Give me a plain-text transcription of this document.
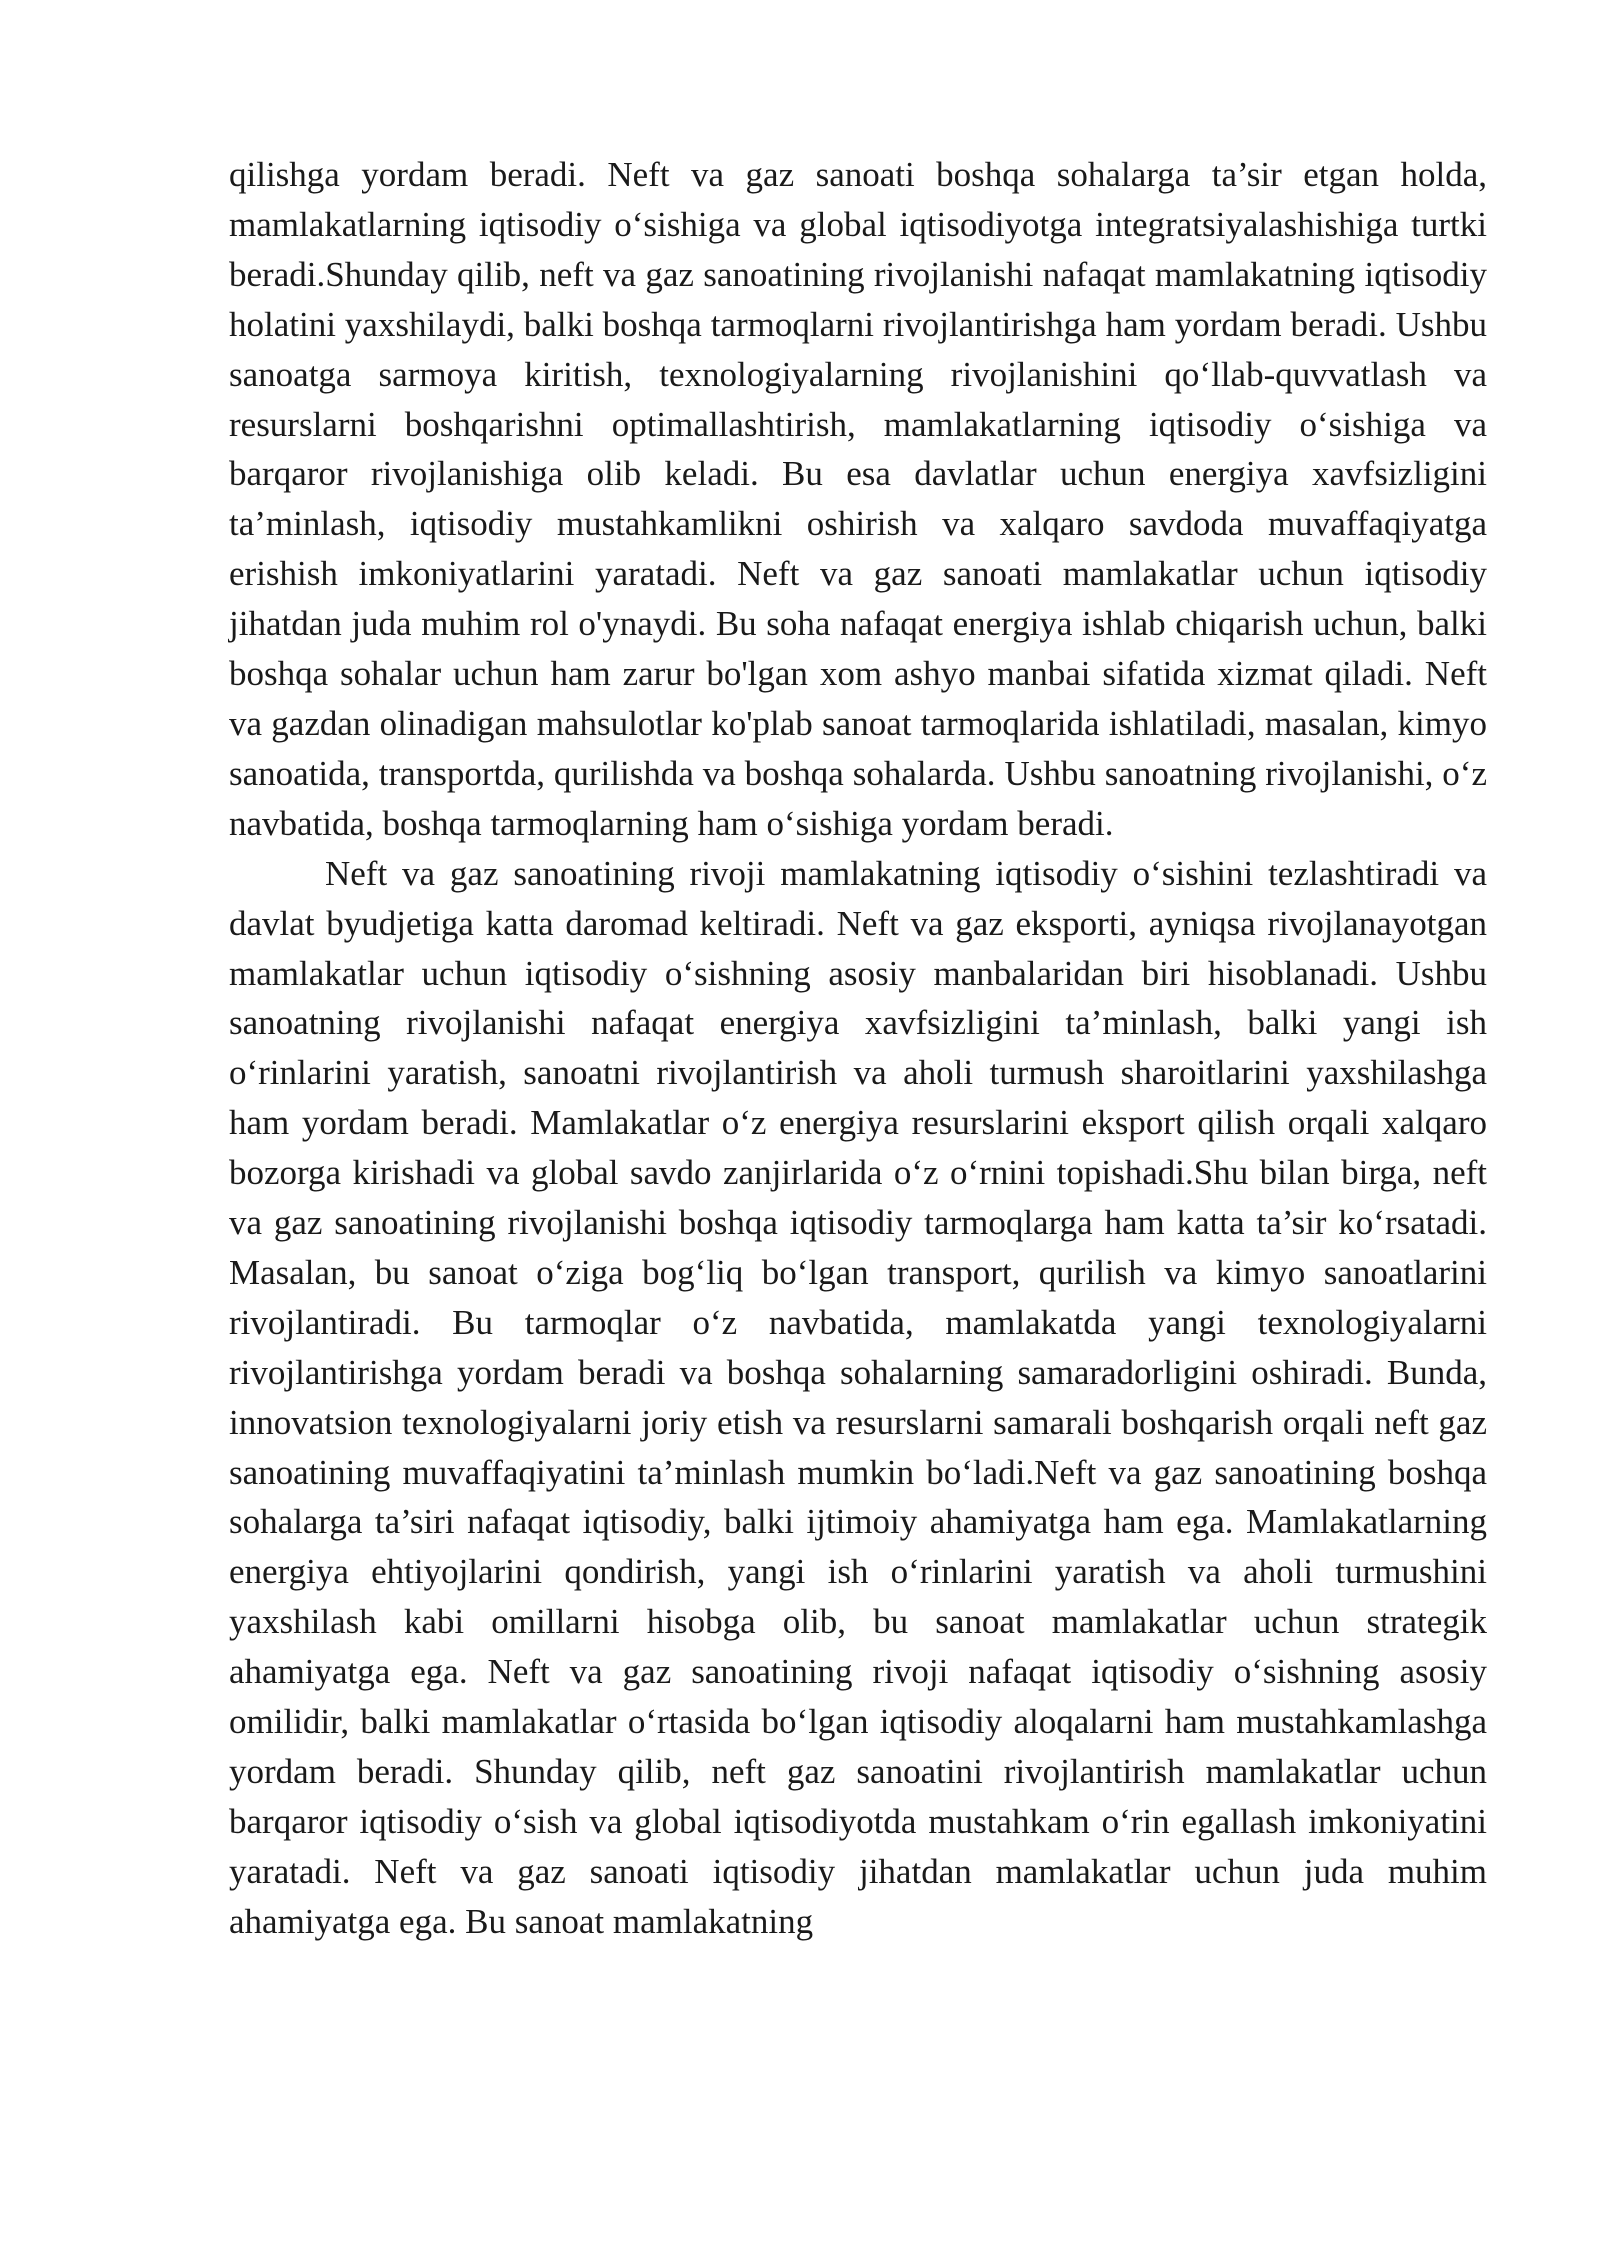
qilishga yordam beradi. Neft va gaz sanoati boshqa sohalarga ta’sir etgan holda, mamlakatlarning iqtisodiy o‘sishiga va global iqtisodiyotga integratsiyalashishiga turtki beradi.Shunday qilib, neft va gaz sanoatining rivojlanishi nafaqat mamlakatning iqtisodiy holatini yaxshilaydi, balki boshqa tarmoqlarni rivojlantirishga ham yordam beradi. Ushbu sanoatga sarmoya kiritish, texnologiyalarning rivojlanishini qo‘llab-quvvatlash va resurslarni boshqarishni optimallashtirish, mamlakatlarning iqtisodiy o‘sishiga va barqaror rivojlanishiga olib keladi. Bu esa davlatlar uchun energiya xavfsizligini ta’minlash, iqtisodiy mustahkamlikni oshirish va xalqaro savdoda muvaffaqiyatga erishish imkoniyatlarini yaratadi. Neft va gaz sanoati mamlakatlar uchun iqtisodiy jihatdan juda muhim rol o'ynaydi. Bu soha nafaqat energiya ishlab chiqarish uchun, balki boshqa sohalar uchun ham zarur bo'lgan xom ashyo manbai sifatida xizmat qiladi. Neft va gazdan olinadigan mahsulotlar ko'plab sanoat tarmoqlarida ishlatiladi, masalan, kimyo sanoatida, transportda, qurilishda va boshqa sohalarda. Ushbu sanoatning rivojlanishi, o‘z navbatida, boshqa tarmoqlarning ham o‘sishiga yordam beradi.

Neft va gaz sanoatining rivoji mamlakatning iqtisodiy o‘sishini tezlashtiradi va davlat byudjetiga katta daromad keltiradi. Neft va gaz eksporti, ayniqsa rivojlanayotgan mamlakatlar uchun iqtisodiy o‘sishning asosiy manbalaridan biri hisoblanadi. Ushbu sanoatning rivojlanishi nafaqat energiya xavfsizligini ta’minlash, balki yangi ish o‘rinlarini yaratish, sanoatni rivojlantirish va aholi turmush sharoitlarini yaxshilashga ham yordam beradi. Mamlakatlar o‘z energiya resurslarini eksport qilish orqali xalqaro bozorga kirishadi va global savdo zanjirlarida o‘z o‘rnini topishadi.Shu bilan birga, neft va gaz sanoatining rivojlanishi boshqa iqtisodiy tarmoqlarga ham katta ta’sir ko‘rsatadi. Masalan, bu sanoat o‘ziga bog‘liq bo‘lgan transport, qurilish va kimyo sanoatlarini rivojlantiradi. Bu tarmoqlar o‘z navbatida, mamlakatda yangi texnologiyalarni rivojlantirishga yordam beradi va boshqa sohalarning samaradorligini oshiradi. Bunda, innovatsion texnologiyalarni joriy etish va resurslarni samarali boshqarish orqali neft gaz sanoatining muvaffaqiyatini ta’minlash mumkin bo‘ladi.Neft va gaz sanoatining boshqa sohalarga ta’siri nafaqat iqtisodiy, balki ijtimoiy ahamiyatga ham ega. Mamlakatlarning energiya ehtiyojlarini qondirish, yangi ish o‘rinlarini yaratish va aholi turmushini yaxshilash kabi omillarni hisobga olib, bu sanoat mamlakatlar uchun strategik ahamiyatga ega. Neft va gaz sanoatining rivoji nafaqat iqtisodiy o‘sishning asosiy omilidir, balki mamlakatlar o‘rtasida bo‘lgan iqtisodiy aloqalarni ham mustahkamlashga yordam beradi. Shunday qilib, neft gaz sanoatini rivojlantirish mamlakatlar uchun barqaror iqtisodiy o‘sish va global iqtisodiyotda mustahkam o‘rin egallash imkoniyatini yaratadi. Neft va gaz sanoati iqtisodiy jihatdan mamlakatlar uchun juda muhim ahamiyatga ega. Bu sanoat mamlakatning
